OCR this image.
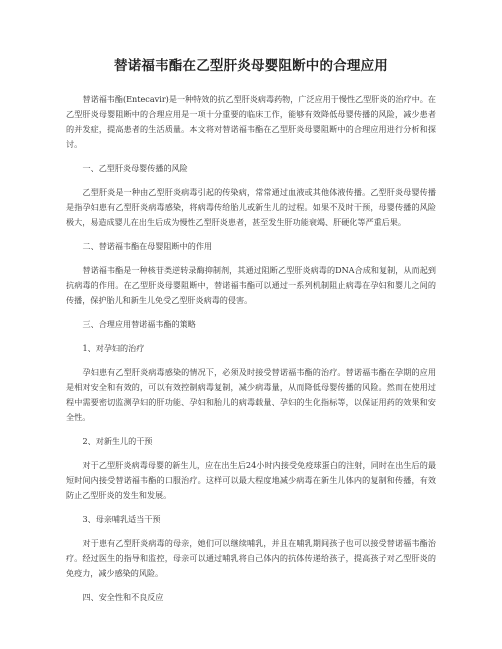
替诺福韦酯在乙型肝炎母婴阻断中的合理应用

替诺福韦酯(Entecavir)是一种特效的抗乙型肝炎病毒药物，广泛应用于慢性乙型肝炎的治疗中。在乙型肝炎母婴阻断中的合理应用是一项十分重要的临床工作，能够有效降低母婴传播的风险，减少患者的并发症，提高患者的生活质量。本文将对替诺福韦酯在乙型肝炎母婴阻断中的合理应用进行分析和探讨。

一、乙型肝炎母婴传播的风险

乙型肝炎是一种由乙型肝炎病毒引起的传染病，常常通过血液或其他体液传播。乙型肝炎母婴传播是指孕妇患有乙型肝炎病毒感染，将病毒传给胎儿或新生儿的过程。如果不及时干预，母婴传播的风险极大，易造成婴儿在出生后成为慢性乙型肝炎患者，甚至发生肝功能衰竭、肝硬化等严重后果。

二、替诺福韦酯在母婴阻断中的作用

替诺福韦酯是一种核苷类逆转录酶抑制剂，其通过阻断乙型肝炎病毒的DNA合成和复制，从而起到抗病毒的作用。在乙型肝炎母婴阻断中，替诺福韦酯可以通过一系列机制阻止病毒在孕妇和婴儿之间的传播，保护胎儿和新生儿免受乙型肝炎病毒的侵害。

三、合理应用替诺福韦酯的策略

1、对孕妇的治疗

孕妇患有乙型肝炎病毒感染的情况下，必须及时接受替诺福韦酯的治疗。替诺福韦酯在孕期的应用是相对安全和有效的，可以有效控制病毒复制，减少病毒量，从而降低母婴传播的风险。然而在使用过程中需要密切监测孕妇的肝功能、孕妇和胎儿的病毒载量、孕妇的生化指标等，以保证用药的效果和安全性。

2、对新生儿的干预

对于乙型肝炎病毒母婴的新生儿，应在出生后24小时内接受免疫球蛋白的注射，同时在出生后的最短时间内接受替诺福韦酯的口服治疗。这样可以最大程度地减少病毒在新生儿体内的复制和传播，有效防止乙型肝炎的发生和发展。

3、母亲哺乳适当干预

对于患有乙型肝炎病毒的母亲，她们可以继续哺乳，并且在哺乳期间孩子也可以接受替诺福韦酯治疗。经过医生的指导和监控，母亲可以通过哺乳将自己体内的抗体传递给孩子，提高孩子对乙型肝炎的免疫力，减少感染的风险。

四、安全性和不良反应
